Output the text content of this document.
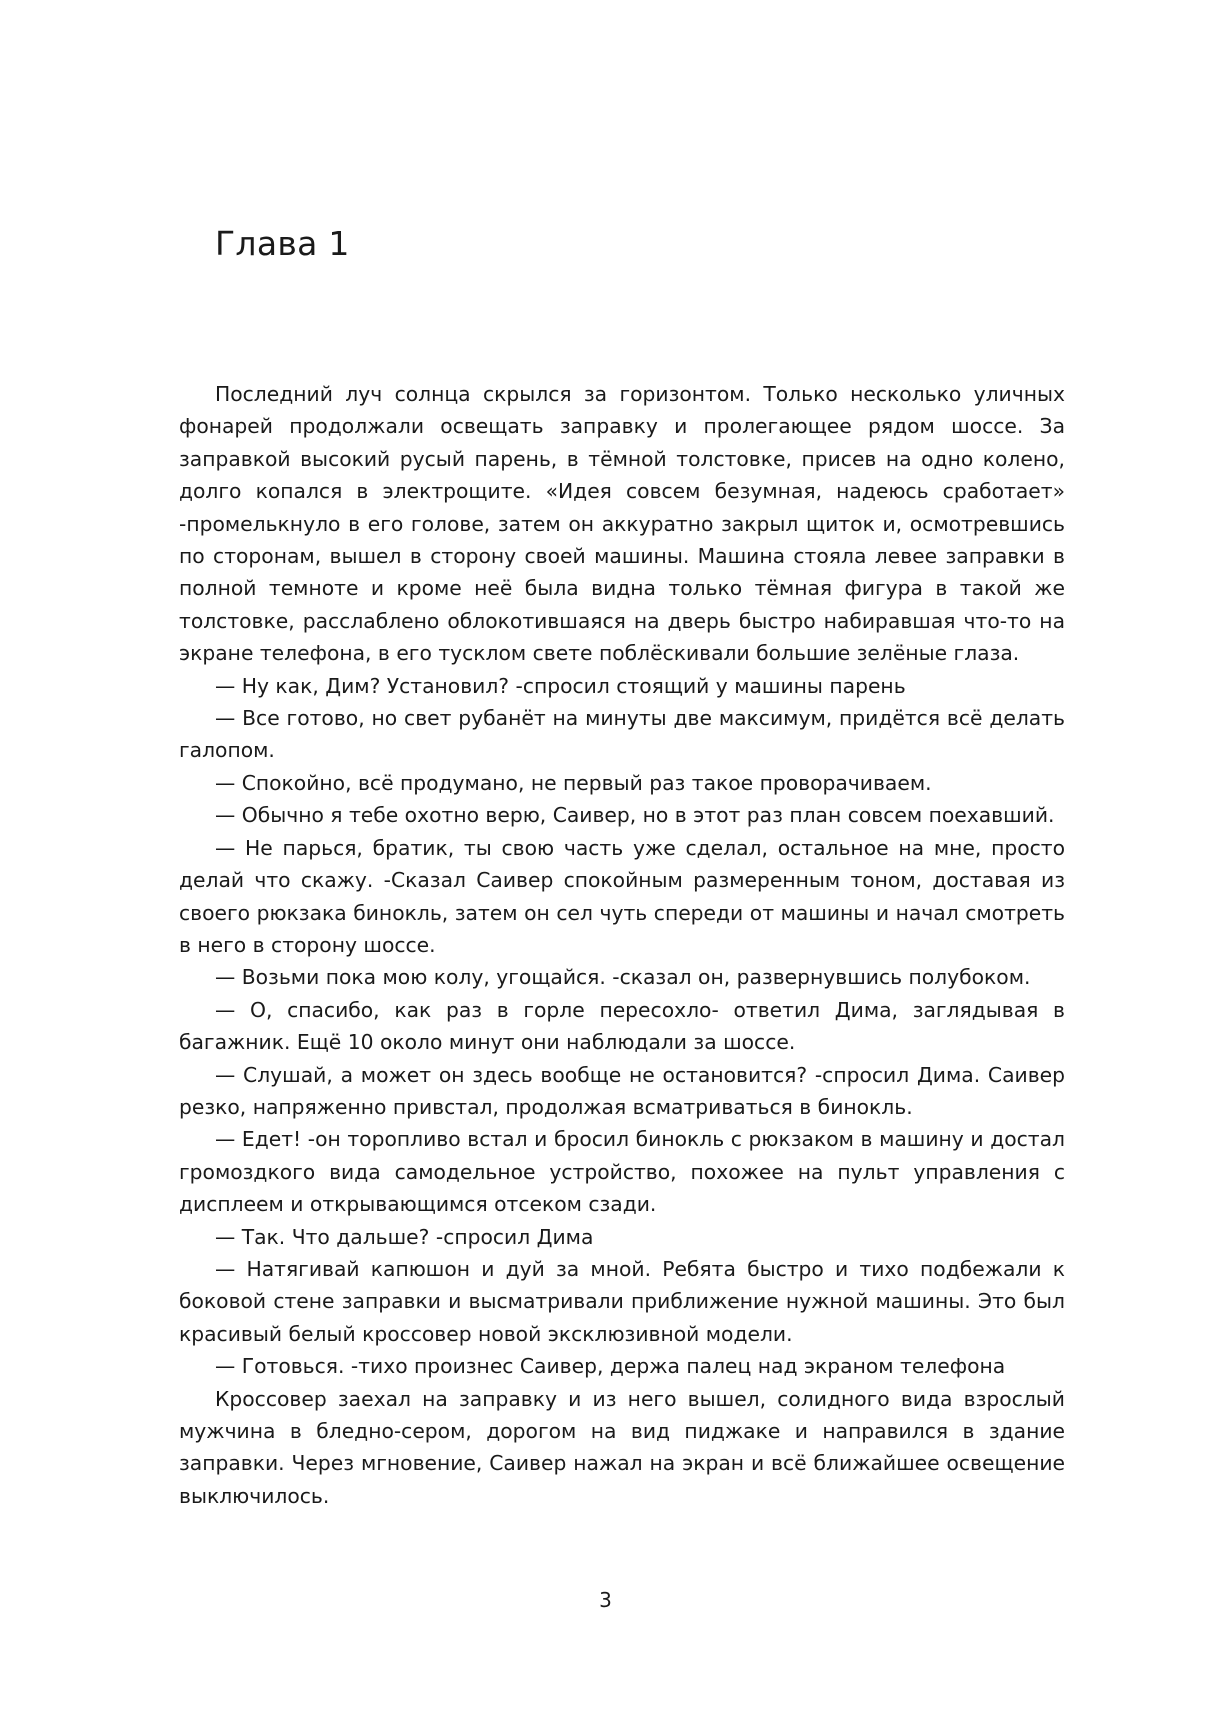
Глава 1

Последний луч солнца скрылся за горизонтом. Только несколько уличных фонарей продолжали освещать заправку и пролегающее рядом шоссе. За заправкой высокий русый парень, в тёмной толстовке, присев на одно колено, долго копался в электрощите. «Идея совсем безумная, надеюсь сработает» -промелькнуло в его голове, затем он аккуратно закрыл щиток и, осмотревшись по сторонам, вышел в сторону своей машины. Машина стояла левее заправки в полной темноте и кроме неё была видна только тёмная фигура в такой же толстовке, расслаблено облокотившаяся на дверь быстро набиравшая что-то на экране телефона, в его тусклом свете поблёскивали большие зелёные глаза.

— Ну как, Дим? Установил? -спросил стоящий у машины парень

— Все готово, но свет рубанёт на минуты две максимум, придётся всё делать галопом.

— Спокойно, всё продумано, не первый раз такое проворачиваем.

— Обычно я тебе охотно верю, Саивер, но в этот раз план совсем поехавший.

— Не парься, братик, ты свою часть уже сделал, остальное на мне, просто делай что скажу. -Сказал Саивер спокойным размеренным тоном, доставая из своего рюкзака бинокль, затем он сел чуть спереди от машины и начал смотреть в него в сторону шоссе.

— Возьми пока мою колу, угощайся. -сказал он, развернувшись полубоком.

— О, спасибо, как раз в горле пересохло- ответил Дима, заглядывая в багажник. Ещё 10 около минут они наблюдали за шоссе.

— Слушай, а может он здесь вообще не остановится? -спросил Дима. Саивер резко, напряженно привстал, продолжая всматриваться в бинокль.

— Едет! -он торопливо встал и бросил бинокль с рюкзаком в машину и достал громоздкого вида самодельное устройство, похожее на пульт управления с дисплеем и открывающимся отсеком сзади.

— Так. Что дальше? -спросил Дима

— Натягивай капюшон и дуй за мной. Ребята быстро и тихо подбежали к боковой стене заправки и высматривали приближение нужной машины. Это был красивый белый кроссовер новой эксклюзивной модели.

— Готовься. -тихо произнес Саивер, держа палец над экраном телефона

Кроссовер заехал на заправку и из него вышел, солидного вида взрослый мужчина в бледно-сером, дорогом на вид пиджаке и направился в здание заправки. Через мгновение, Саивер нажал на экран и всё ближайшее освещение выключилось.

3
